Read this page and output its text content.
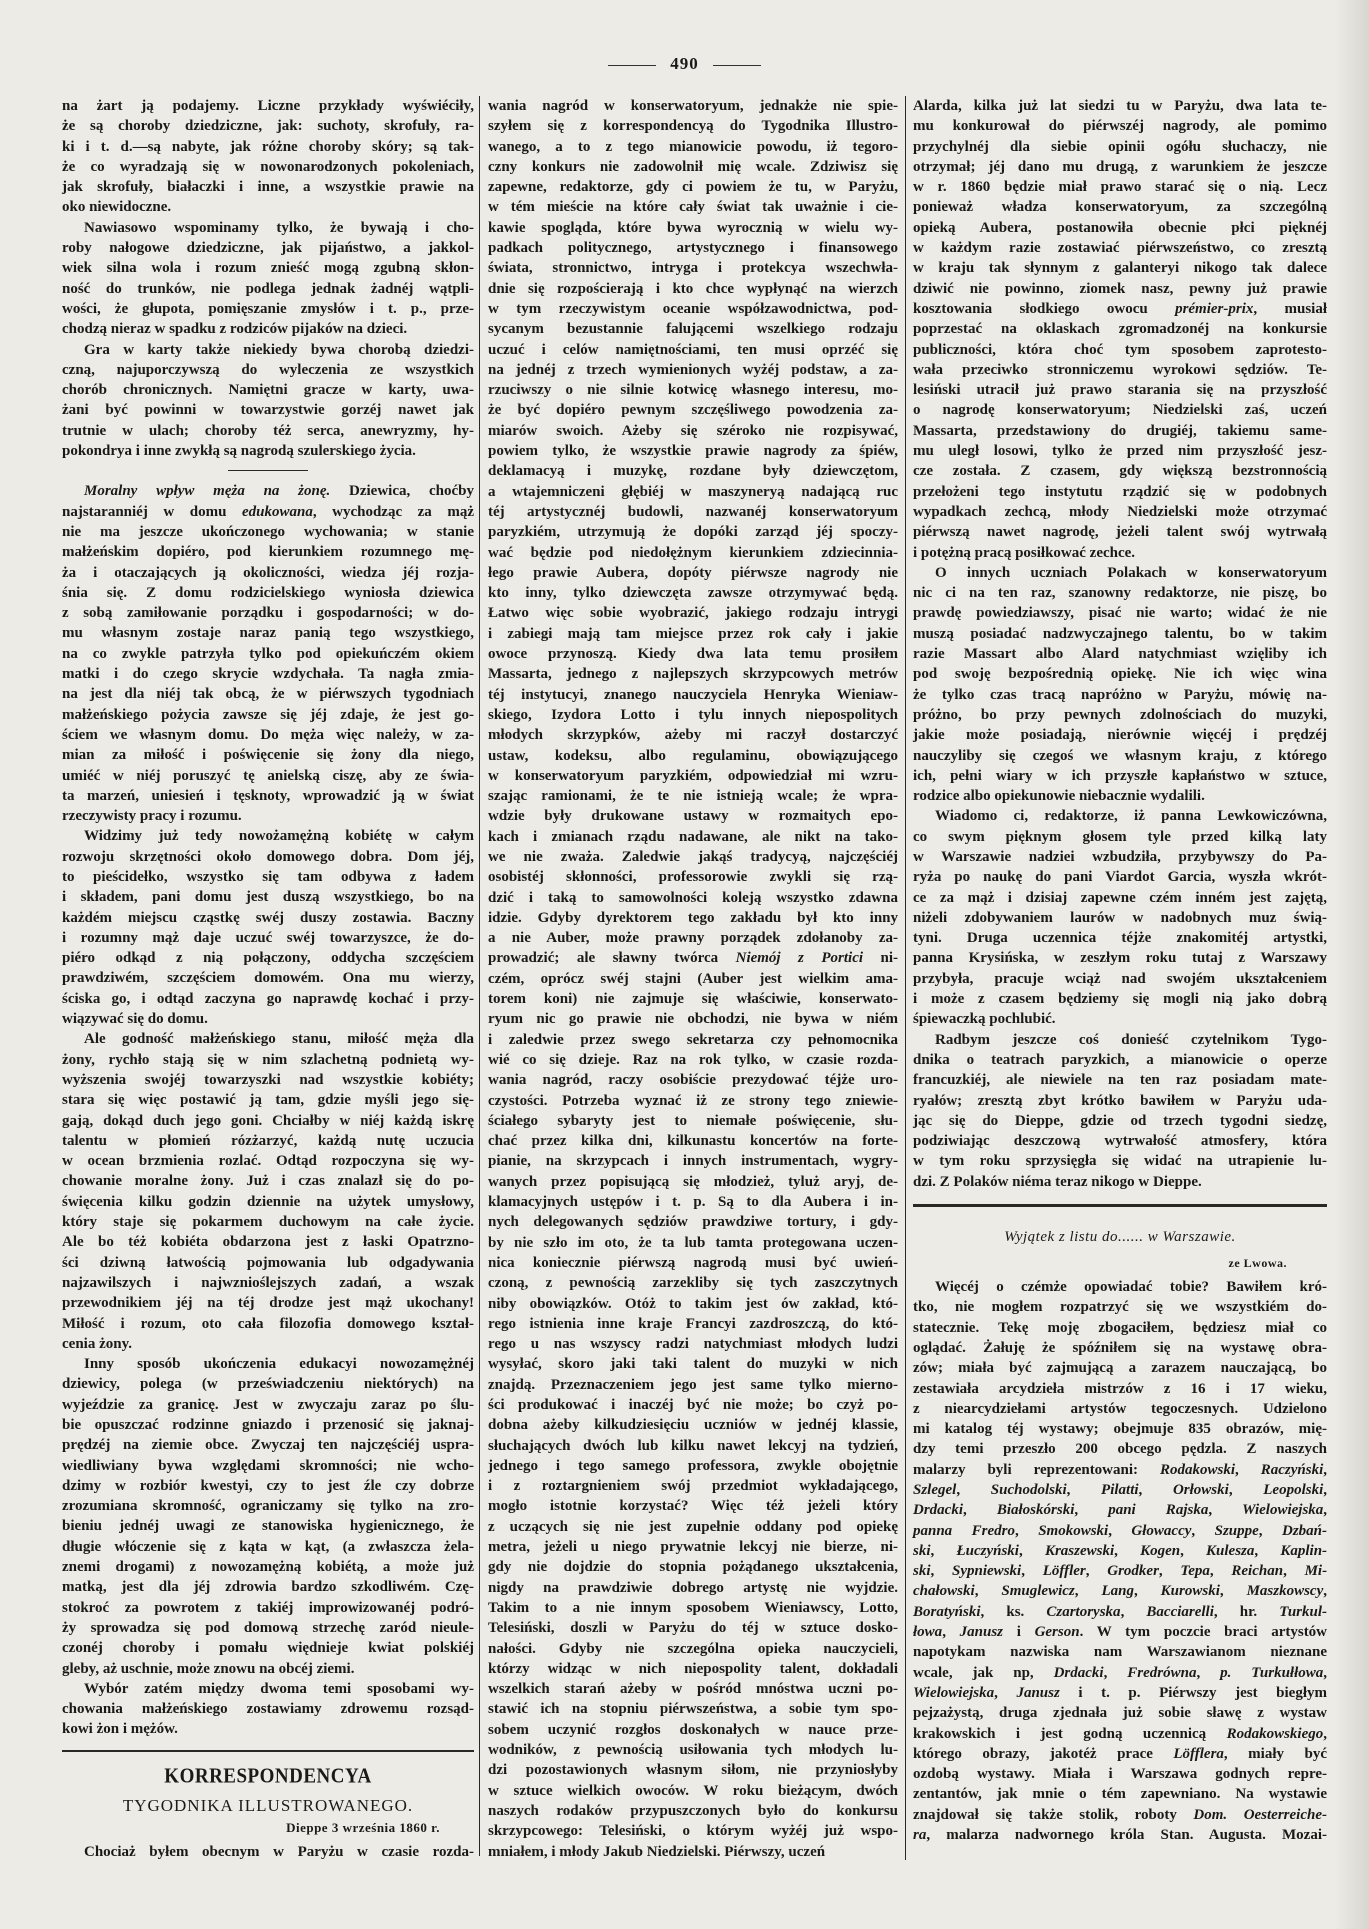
490
na żart ją podajemy. Liczne przykłady wyświéciły,
że są choroby dziedziczne, jak: suchoty, skrofuły, ra-
ki i t. d.—są nabyte, jak różne choroby skóry; są tak-
że co wyradzają się w nowonarodzonych pokoleniach,
jak skrofuły, białaczki i inne, a wszystkie prawie na
oko niewidoczne.
Nawiasowo wspominamy tylko, że bywają i cho-
roby nałogowe dziedziczne, jak pijaństwo, a jakkol-
wiek silna wola i rozum znieść mogą zgubną skłon-
ność do trunków, nie podlega jednak żadnéj wątpli-
wości, że głupota, pomięszanie zmysłów i t. p., prze-
chodzą nieraz w spadku z rodziców pijaków na dzieci.
Gra w karty także niekiedy bywa chorobą dziedzi-
czną, najuporczywszą do wyleczenia ze wszystkich
chorób chronicznych. Namiętni gracze w karty, uwa-
żani być powinni w towarzystwie gorzéj nawet jak
trutnie w ulach; choroby téż serca, anewryzmy, hy-
pokondrya i inne zwykłą są nagrodą szulerskiego życia.
Moralny wpływ męża na żonę. Dziewica, choćby
najstaranniéj w domu edukowana, wychodząc za mąż
nie ma jeszcze ukończonego wychowania; w stanie
małżeńskim dopiéro, pod kierunkiem rozumnego mę-
ża i otaczających ją okoliczności, wiedza jéj rozja-
śnia się. Z domu rodzicielskiego wyniosła dziewica
z sobą zamiłowanie porządku i gospodarności; w do-
mu własnym zostaje naraz panią tego wszystkiego,
na co zwykle patrzyła tylko pod opiekuńczém okiem
matki i do czego skrycie wzdychała. Ta nagła zmia-
na jest dla niéj tak obcą, że w piérwszych tygodniach
małżeńskiego pożycia zawsze się jéj zdaje, że jest go-
ściem we własnym domu. Do męża więc należy, w za-
mian za miłość i poświęcenie się żony dla niego,
umiéć w niéj poruszyć tę anielską ciszę, aby ze świa-
ta marzeń, uniesień i tęsknoty, wprowadzić ją w świat
rzeczywisty pracy i rozumu.
Widzimy już tedy nowożamężną kobiétę w całym
rozwoju skrzętności około domowego dobra. Dom jéj,
to pieścidełko, wszystko się tam odbywa z ładem
i składem, pani domu jest duszą wszystkiego, bo na
każdém miejscu cząstkę swéj duszy zostawia. Baczny
i rozumny mąż daje uczuć swéj towarzyszce, że do-
piéro odkąd z nią połączony, oddycha szczęściem
prawdziwém, szczęściem domowém. Ona mu wierzy,
ściska go, i odtąd zaczyna go naprawdę kochać i przy-
wiązywać się do domu.
Ale godność małżeńskiego stanu, miłość męża dla
żony, rychło stają się w nim szlachetną podnietą wy-
wyższenia swojéj towarzyszki nad wszystkie kobiéty;
stara się więc postawić ją tam, gdzie myśli jego się-
gają, dokąd duch jego goni. Chciałby w niéj każdą iskrę
talentu w płomień rózżarzyć, każdą nutę uczucia
w ocean brzmienia rozlać. Odtąd rozpoczyna się wy-
chowanie moralne żony. Już i czas znalazł się do po-
święcenia kilku godzin dziennie na użytek umysłowy,
który staje się pokarmem duchowym na całe życie.
Ale bo téż kobiéta obdarzona jest z łaski Opatrzno-
ści dziwną łatwością pojmowania lub odgadywania
najzawilszych i najwznioślejszych zadań, a wszak
przewodnikiem jéj na téj drodze jest mąż ukochany!
Miłość i rozum, oto cała filozofia domowego kształ-
cenia żony.
Inny sposób ukończenia edukacyi nowozamężnéj
dziewicy, polega (w przeświadczeniu niektórych) na
wyjeździe za granicę. Jest w zwyczaju zaraz po ślu-
bie opuszczać rodzinne gniazdo i przenosić się jaknaj-
prędzéj na ziemie obce. Zwyczaj ten najczęściéj uspra-
wiedliwiany bywa względami skromności; nie wcho-
dzimy w rozbiór kwestyi, czy to jest źle czy dobrze
zrozumiana skromność, ograniczamy się tylko na zro-
bieniu jednéj uwagi ze stanowiska hygienicznego, że
długie włóczenie się z kąta w kąt, (a zwłaszcza żela-
znemi drogami) z nowozamężną kobiétą, a może już
matką, jest dla jéj zdrowia bardzo szkodliwém. Czę-
stokroć za powrotem z takiéj improwizowanéj podró-
ży sprowadza się pod domową strzechę zaród nieule-
czonéj choroby i pomału więdnieje kwiat polskiéj
gleby, aż uschnie, może znowu na obcéj ziemi.
Wybór zatém między dwoma temi sposobami wy-
chowania małżeńskiego zostawiamy zdrowemu rozsąd-
kowi żon i mężów.
KORRESPONDENCYA
TYGODNIKA ILLUSTROWANEGO.
Dieppe 3 września 1860 r.
Chociaż byłem obecnym w Paryżu w czasie rozda-
wania nagród w konserwatoryum, jednakże nie spie-
szyłem się z korrespondencyą do Tygodnika Illustro-
wanego, a to z tego mianowicie powodu, iż tegoro-
czny konkurs nie zadowolnił mię wcale. Zdziwisz się
zapewne, redaktorze, gdy ci powiem że tu, w Paryżu,
w tém mieście na które cały świat tak uważnie i cie-
kawie spogląda, które bywa wyrocznią w wielu wy-
padkach politycznego, artystycznego i finansowego
świata, stronnictwo, intryga i protekcya wszechwła-
dnie się rozpościerają i kto chce wypłynąć na wierzch
w tym rzeczywistym oceanie współzawodnictwa, pod-
sycanym bezustannie falującemi wszelkiego rodzaju
uczuć i celów namiętnościami, ten musi oprzéć się
na jednéj z trzech wymienionych wyżéj podstaw, a za-
rzuciwszy o nie silnie kotwicę własnego interesu, mo-
że być dopiéro pewnym szczęśliwego powodzenia za-
miarów swoich. Ażeby się széroko nie rozpisywać,
powiem tylko, że wszystkie prawie nagrody za śpiéw,
deklamacyą i muzykę, rozdane były dziewczętom,
a wtajemniczeni głębiéj w maszyneryą nadającą ruc
téj artystycznéj budowli, nazwanéj konserwatoryum
paryzkiém, utrzymują że dopóki zarząd jéj spoczy-
wać będzie pod niedołężnym kierunkiem zdziecinnia-
łego prawie Aubera, dopóty piérwsze nagrody nie
kto inny, tylko dziewczęta zawsze otrzymywać będą.
Łatwo więc sobie wyobrazić, jakiego rodzaju intrygi
i zabiegi mają tam miejsce przez rok cały i jakie
owoce przynoszą. Kiedy dwa lata temu prosiłem
Massarta, jednego z najlepszych skrzypcowych metrów
téj instytucyi, znanego nauczyciela Henryka Wieniaw-
skiego, Izydora Lotto i tylu innych niepospolitych
młodych skrzypków, ażeby mi raczył dostarczyć
ustaw, kodeksu, albo regulaminu, obowiązującego
w konserwatoryum paryzkiém, odpowiedział mi wzru-
szając ramionami, że te nie istnieją wcale; że wpra-
wdzie były drukowane ustawy w rozmaitych epo-
kach i zmianach rządu nadawane, ale nikt na tako-
we nie zważa. Zaledwie jakąś tradycyą, najczęściéj
osobistéj skłonności, professorowie zwykli się rzą-
dzić i taką to samowolności koleją wszystko zdawna
idzie. Gdyby dyrektorem tego zakładu był kto inny
a nie Auber, może prawny porządek zdołanoby za-
prowadzić; ale sławny twórca Niemój z Portici ni-
czém, oprócz swéj stajni (Auber jest wielkim ama-
torem koni) nie zajmuje się właściwie, konserwato-
ryum nic go prawie nie obchodzi, nie bywa w niém
i zaledwie przez swego sekretarza czy pełnomocnika
wié co się dzieje. Raz na rok tylko, w czasie rozda-
wania nagród, raczy osobiście prezydować téjże uro-
czystości. Potrzeba wyznać iż ze strony tego zniewie-
ściałego sybaryty jest to niemałe poświęcenie, słu-
chać przez kilka dni, kilkunastu koncertów na forte-
pianie, na skrzypcach i innych instrumentach, wygry-
wanych przez popisującą się młodzież, tyluż aryj, de-
klamacyjnych ustępów i t. p. Są to dla Aubera i in-
nych delegowanych sędziów prawdziwe tortury, i gdy-
by nie szło im oto, że ta lub tamta protegowana uczen-
nica koniecznie piérwszą nagrodą musi być uwień-
czoną, z pewnością zarzekliby się tych zaszczytnych
niby obowiązków. Otóż to takim jest ów zakład, któ-
rego istnienia inne kraje Francyi zazdroszczą, do któ-
rego u nas wszyscy radzi natychmiast młodych ludzi
wysyłać, skoro jaki taki talent do muzyki w nich
znajdą. Przeznaczeniem jego jest same tylko mierno-
ści produkować i inaczéj być nie może; bo czyż po-
dobna ażeby kilkudziesięciu uczniów w jednéj klassie,
słuchających dwóch lub kilku nawet lekcyj na tydzień,
jednego i tego samego professora, zwykle obojętnie
i z roztargnieniem swój przedmiot wykładającego,
mogło istotnie korzystać? Więc téż jeżeli który
z uczących się nie jest zupełnie oddany pod opiekę
metra, jeżeli u niego prywatnie lekcyj nie bierze, ni-
gdy nie dojdzie do stopnia pożądanego ukształcenia,
nigdy na prawdziwie dobrego artystę nie wyjdzie.
Takim to a nie innym sposobem Wieniawscy, Lotto,
Telesiński, doszli w Paryżu do téj w sztuce dosko-
nałości. Gdyby nie szczególna opieka nauczycieli,
którzy widząc w nich niepospolity talent, dokładali
wszelkich starań ażeby w pośród mnóstwa uczni po-
stawić ich na stopniu piérwszeństwa, a sobie tym spo-
sobem uczynić rozgłos doskonałych w nauce prze-
wodników, z pewnością usiłowania tych młodych lu-
dzi pozostawionych własnym siłom, nie przyniosłyby
w sztuce wielkich owoców. W roku bieżącym, dwóch
naszych rodaków przypuszczonych było do konkursu
skrzypcowego: Telesiński, o którym wyżéj już wspo-
mniałem, i młody Jakub Niedzielski. Piérwszy, uczeń
Alarda, kilka już lat siedzi tu w Paryżu, dwa lata te-
mu konkurował do piérwszéj nagrody, ale pomimo
przychylnéj dla siebie opinii ogółu słuchaczy, nie
otrzymał; jéj dano mu drugą, z warunkiem że jeszcze
w r. 1860 będzie miał prawo starać się o nią. Lecz
ponieważ władza konserwatoryum, za szczególną
opieką Aubera, postanowiła obecnie płci pięknéj
w każdym razie zostawiać piérwszeństwo, co zresztą
w kraju tak słynnym z galanteryi nikogo tak dalece
dziwić nie powinno, ziomek nasz, pewny już prawie
kosztowania słodkiego owocu prémier-prix, musiał
poprzestać na oklaskach zgromadzonéj na konkursie
publiczności, która choć tym sposobem zaprotesto-
wała przeciwko stronniczemu wyrokowi sędziów. Te-
lesiński utracił już prawo starania się na przyszłość
o nagrodę konserwatoryum; Niedzielski zaś, uczeń
Massarta, przedstawiony do drugiéj, takiemu same-
mu uległ losowi, tylko że przed nim przyszłość jesz-
cze została. Z czasem, gdy większą bezstronnością
przełożeni tego instytutu rządzić się w podobnych
wypadkach zechcą, młody Niedzielski może otrzymać
piérwszą nawet nagrodę, jeżeli talent swój wytrwałą
i potężną pracą posiłkować zechce.
O innych uczniach Polakach w konserwatoryum
nic ci na ten raz, szanowny redaktorze, nie piszę, bo
prawdę powiedziawszy, pisać nie warto; widać że nie
muszą posiadać nadzwyczajnego talentu, bo w takim
razie Massart albo Alard natychmiast wzięliby ich
pod swoję bezpośrednią opiekę. Nie ich więc wina
że tylko czas tracą napróżno w Paryżu, mówię na-
próżno, bo przy pewnych zdolnościach do muzyki,
jakie może posiadają, nierównie więcéj i prędzéj
nauczyliby się czegoś we własnym kraju, z którego
ich, pełni wiary w ich przyszłe kapłaństwo w sztuce,
rodzice albo opiekunowie niebacznie wydalili.
Wiadomo ci, redaktorze, iż panna Lewkowiczówna,
co swym pięknym głosem tyle przed kilką laty
w Warszawie nadziei wzbudziła, przybywszy do Pa-
ryża po naukę do pani Viardot Garcia, wyszła wkrót-
ce za mąż i dzisiaj zapewne czém inném jest zajętą,
niżeli zdobywaniem laurów w nadobnych muz świą-
tyni. Druga uczennica téjże znakomitéj artystki,
panna Krysińska, w zeszłym roku tutaj z Warszawy
przybyła, pracuje wciąż nad swojém ukształceniem
i może z czasem będziemy się mogli nią jako dobrą
śpiewaczką pochlubić.
Radbym jeszcze coś donieść czytelnikom Tygo-
dnika o teatrach paryzkich, a mianowicie o operze
francuzkiéj, ale niewiele na ten raz posiadam mate-
ryałów; zresztą zbyt krótko bawiłem w Paryżu uda-
jąc się do Dieppe, gdzie od trzech tygodni siedzę,
podziwiając deszczową wytrwałość atmosfery, która
w tym roku sprzysięgła się widać na utrapienie lu-
dzi. Z Polaków niéma teraz nikogo w Dieppe.
Wyjątek z listu do...... w Warszawie.
ze Lwowa.
Więcéj o czémże opowiadać tobie? Bawiłem kró-
tko, nie mogłem rozpatrzyć się we wszystkiém do-
statecznie. Tekę moję zbogaciłem, będziesz miał co
oglądać. Żałuję że spóźniłem się na wystawę obra-
zów; miała być zajmującą a zarazem nauczającą, bo
zestawiała arcydzieła mistrzów z 16 i 17 wieku,
z niearcydziełami artystów tegoczesnych. Udzielono
mi katalog téj wystawy; obejmuje 835 obrazów, mię-
dzy temi przeszło 200 obcego pędzla. Z naszych
malarzy byli reprezentowani: Rodakowski, Raczyński,
Szlegel, Suchodolski, Pilatti, Orłowski, Leopolski,
Drdacki, Białoskórski, pani Rajska, Wielowiejska,
panna Fredro, Smokowski, Głowaccy, Szuppe, Dzbań-
ski, Łuczyński, Kraszewski, Kogen, Kulesza, Kaplin-
ski, Sypniewski, Löffler, Grodker, Tepa, Reichan, Mi-
chałowski, Smuglewicz, Lang, Kurowski, Maszkowscy,
Boratyński, ks. Czartoryska, Bacciarelli, hr. Turkul-
łowa, Janusz i Gerson. W tym poczcie braci artystów
napotykam nazwiska nam Warszawianom nieznane
wcale, jak np, Drdacki, Fredrówna, p. Turkułłowa,
Wielowiejska, Janusz i t. p. Piérwszy jest biegłym
pejzażystą, druga zjednała już sobie sławę z wystaw
krakowskich i jest godną uczennicą Rodakowskiego,
którego obrazy, jakotéż prace Löfflera, miały być
ozdobą wystawy. Miała i Warszawa godnych repre-
zentantów, jak mnie o tém zapewniano. Na wystawie
znajdował się także stolik, roboty Dom. Oesterreiche-
ra, malarza nadwornego króla Stan. Augusta. Mozai-
